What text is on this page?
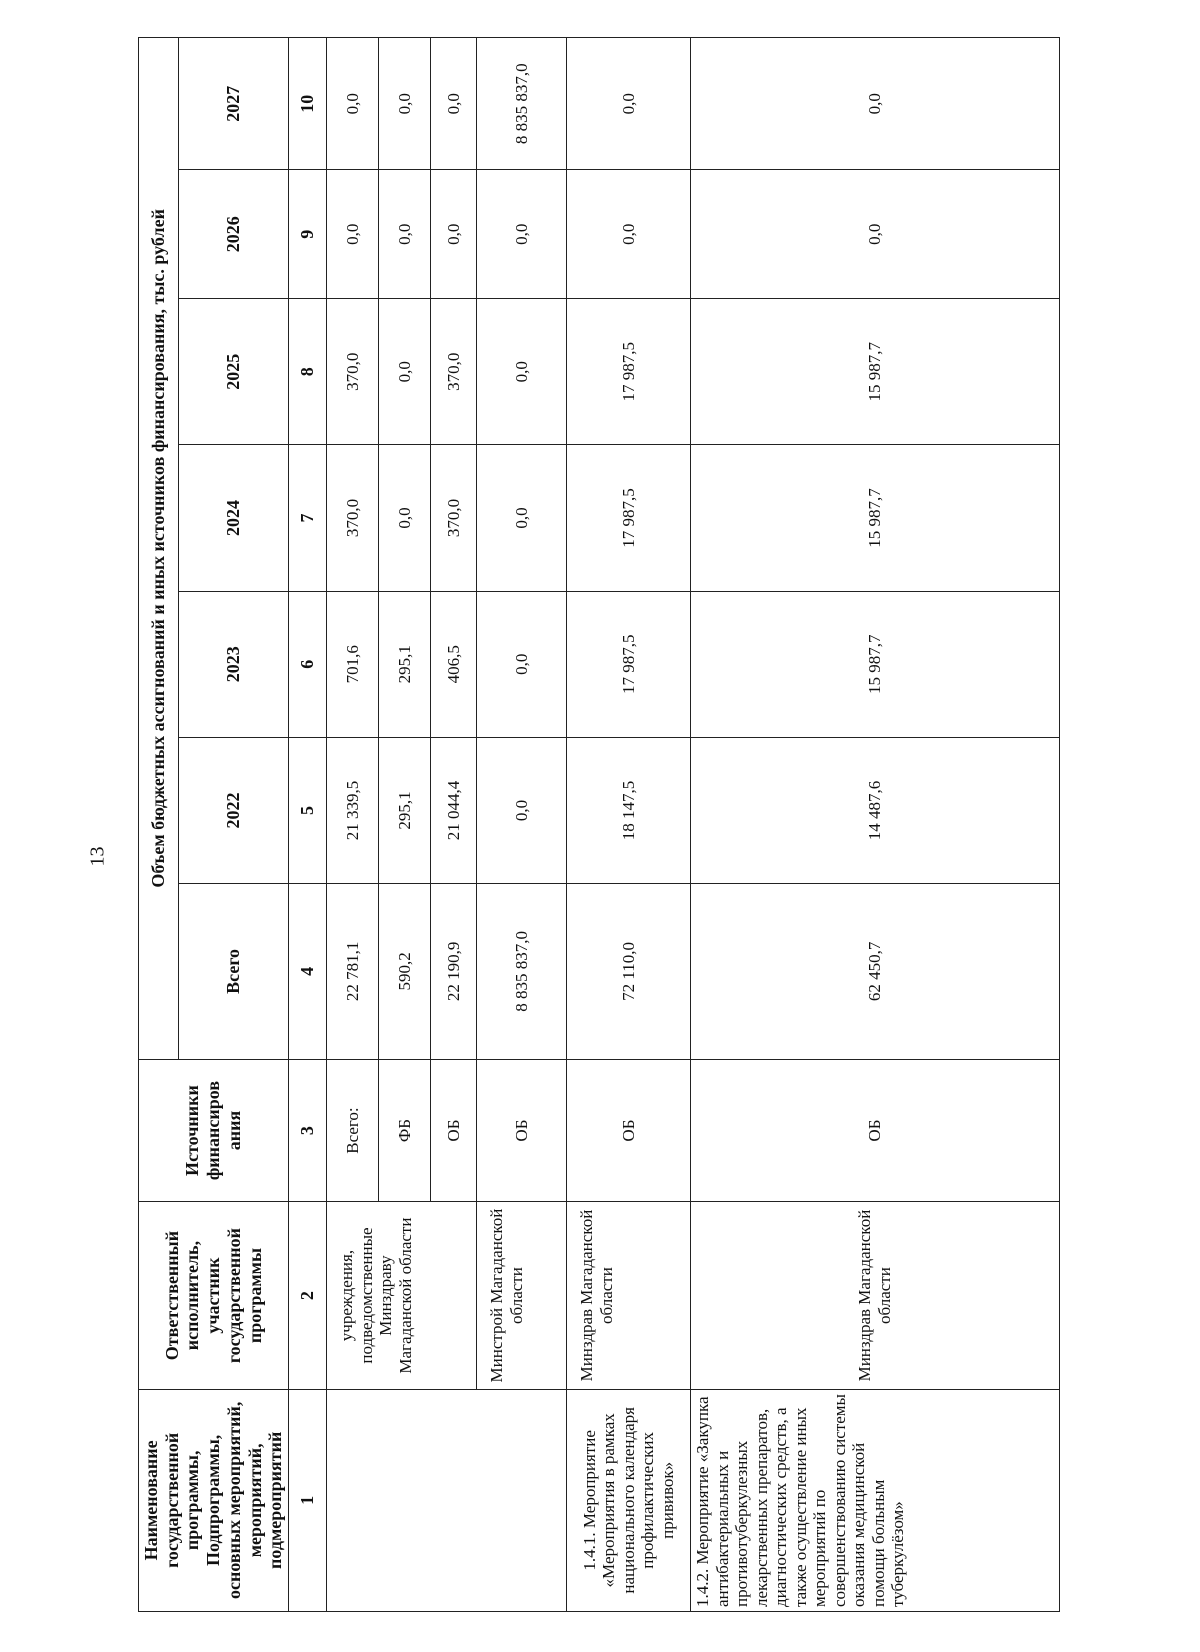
13
Наименование государственной программы, Подпрограммы, основных мероприятий, мероприятий, подмероприятий	Ответственный исполнитель, участник государственной программы	Источники финансиров ания	Объем бюджетных ассигнований и иных источников финансирования, тыс. рублей						
			Всего	2022	2023	2024	2025	2026	2027
1	2	3	4	5	6	7	8	9	10
	учреждения, подведомственные Минздраву Магаданской области	Всего:	22 781,1	21 339,5	701,6	370,0	370,0	0,0	0,0
		ФБ	590,2	295,1	295,1	0,0	0,0	0,0	0,0
		ОБ	22 190,9	21 044,4	406,5	370,0	370,0	0,0	0,0
	Минстрой Магаданской области	ОБ	8 835 837,0	0,0	0,0	0,0	0,0	0,0	8 835 837,0
1.4.1. Мероприятие «Мероприятия в рамках национального календаря профилактических прививок»	Минздрав Магаданской области	ОБ	72 110,0	18 147,5	17 987,5	17 987,5	17 987,5	0,0	0,0
1.4.2. Мероприятие «Закупка антибактериальных и противотуберкулезных лекарственных препаратов, диагностических средств, а также осуществление иных мероприятий по совершенствованию системы оказания медицинской помощи больным туберкулёзом»	Минздрав Магаданской области	ОБ	62 450,7	14 487,6	15 987,7	15 987,7	15 987,7	0,0	0,0
